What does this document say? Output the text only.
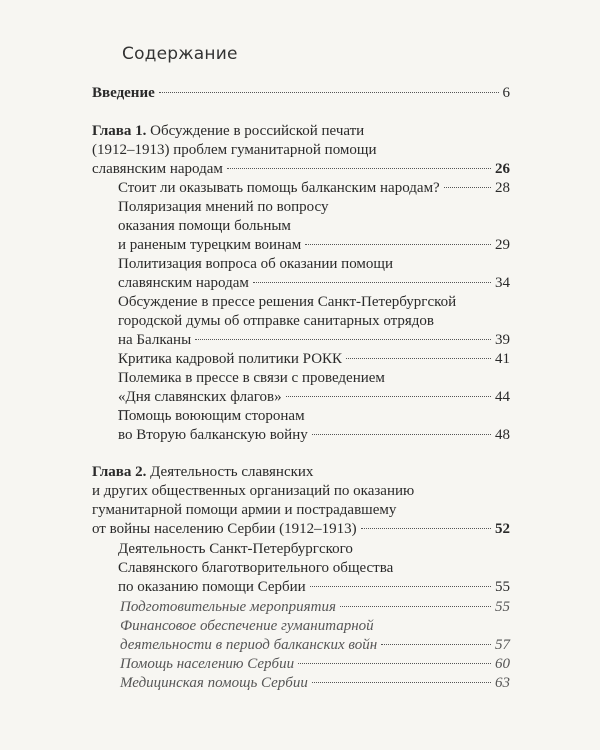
Содержание
Введение	6
Глава 1. Обсуждение в российской печати
(1912–1913) проблем гуманитарной помощи
славянским народам	26
Стоит ли оказывать помощь балканским народам?	28
Поляризация мнений по вопросу
оказания помощи больным
и раненым турецким воинам	29
Политизация вопроса об оказании помощи
славянским народам	34
Обсуждение в прессе решения Санкт-Петербургской
городской думы об отправке санитарных отрядов
на Балканы	39
Критика кадровой политики РОКК	41
Полемика в прессе в связи с проведением
«Дня славянских флагов»	44
Помощь воюющим сторонам
во Вторую балканскую войну	48
Глава 2. Деятельность славянских
и других общественных организаций по оказанию
гуманитарной помощи армии и пострадавшему
от войны населению Сербии (1912–1913)	52
Деятельность Санкт-Петербургского
Славянского благотворительного общества
по оказанию помощи Сербии	55
Подготовительные мероприятия	55
Финансовое обеспечение гуманитарной
деятельности в период балканских войн	57
Помощь населению Сербии	60
Медицинская помощь Сербии	63
